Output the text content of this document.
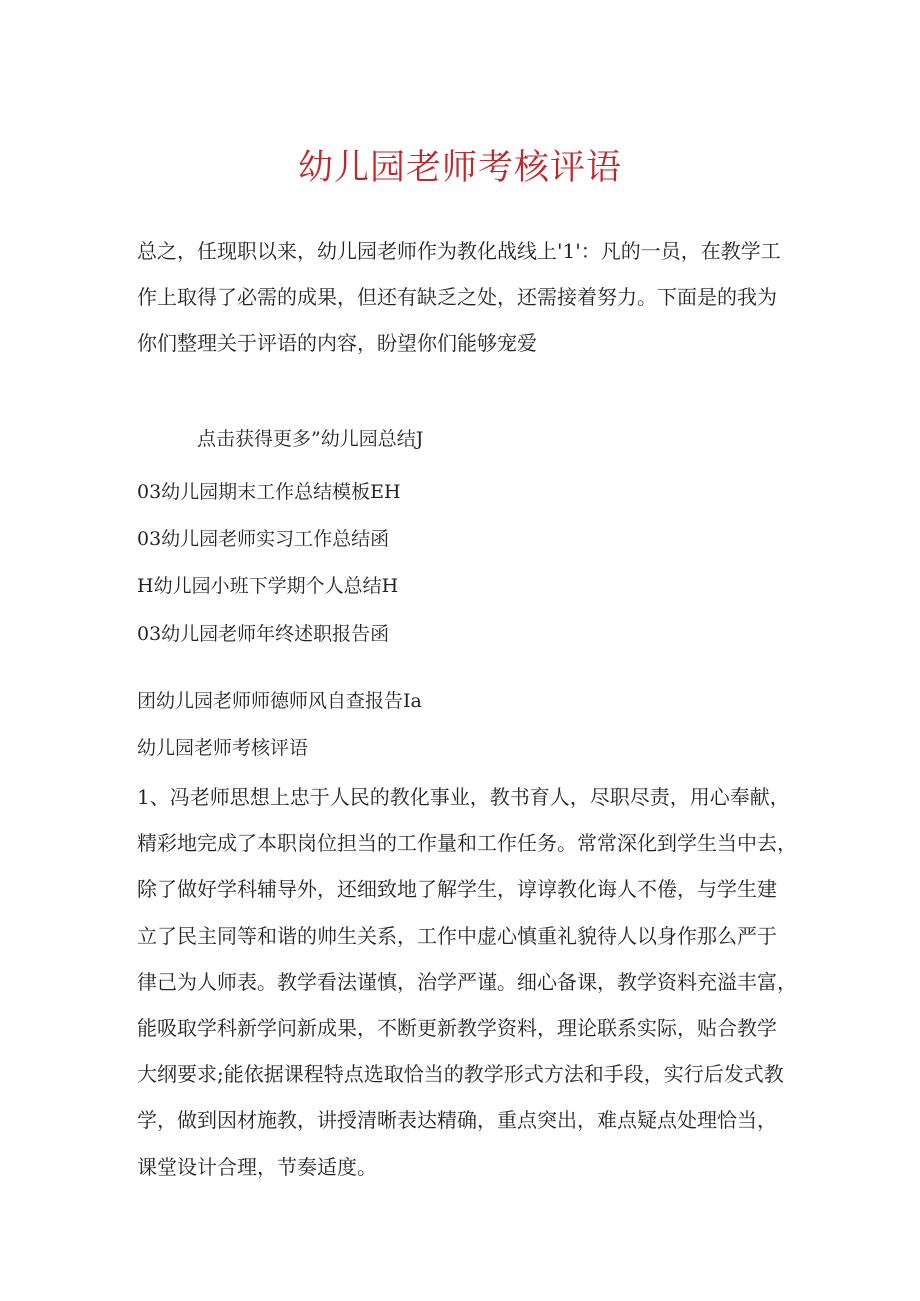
幼儿园老师考核评语

总之，任现职以来，幼儿园老师作为教化战线上'1'：凡的一员，在教学工
作上取得了必需的成果，但还有缺乏之处，还需接着努力。下面是的我为
你们整理关于评语的内容，盼望你们能够宠爱

点击获得更多”幼儿园总结J

03幼儿园期末工作总结模板EH

03幼儿园老师实习工作总结函

H幼儿园小班下学期个人总结H

03幼儿园老师年终述职报告函

团幼儿园老师师德师风自查报告Ia

幼儿园老师考核评语

1、冯老师思想上忠于人民的教化事业，教书育人，尽职尽责，用心奉献，
精彩地完成了本职岗位担当的工作量和工作任务。常常深化到学生当中去，
除了做好学科辅导外，还细致地了解学生，谆谆教化诲人不倦，与学生建
立了民主同等和谐的帅生关系，工作中虚心慎重礼貌待人以身作那么严于
律己为人师表。教学看法谨慎，治学严谨。细心备课，教学资料充溢丰富，
能吸取学科新学问新成果，不断更新教学资料，理论联系实际，贴合教学
大纲要求;能依据课程特点选取恰当的教学形式方法和手段，实行后发式教
学，做到因材施教，讲授清晰表达精确，重点突出，难点疑点处理恰当，
课堂设计合理，节奏适度。
